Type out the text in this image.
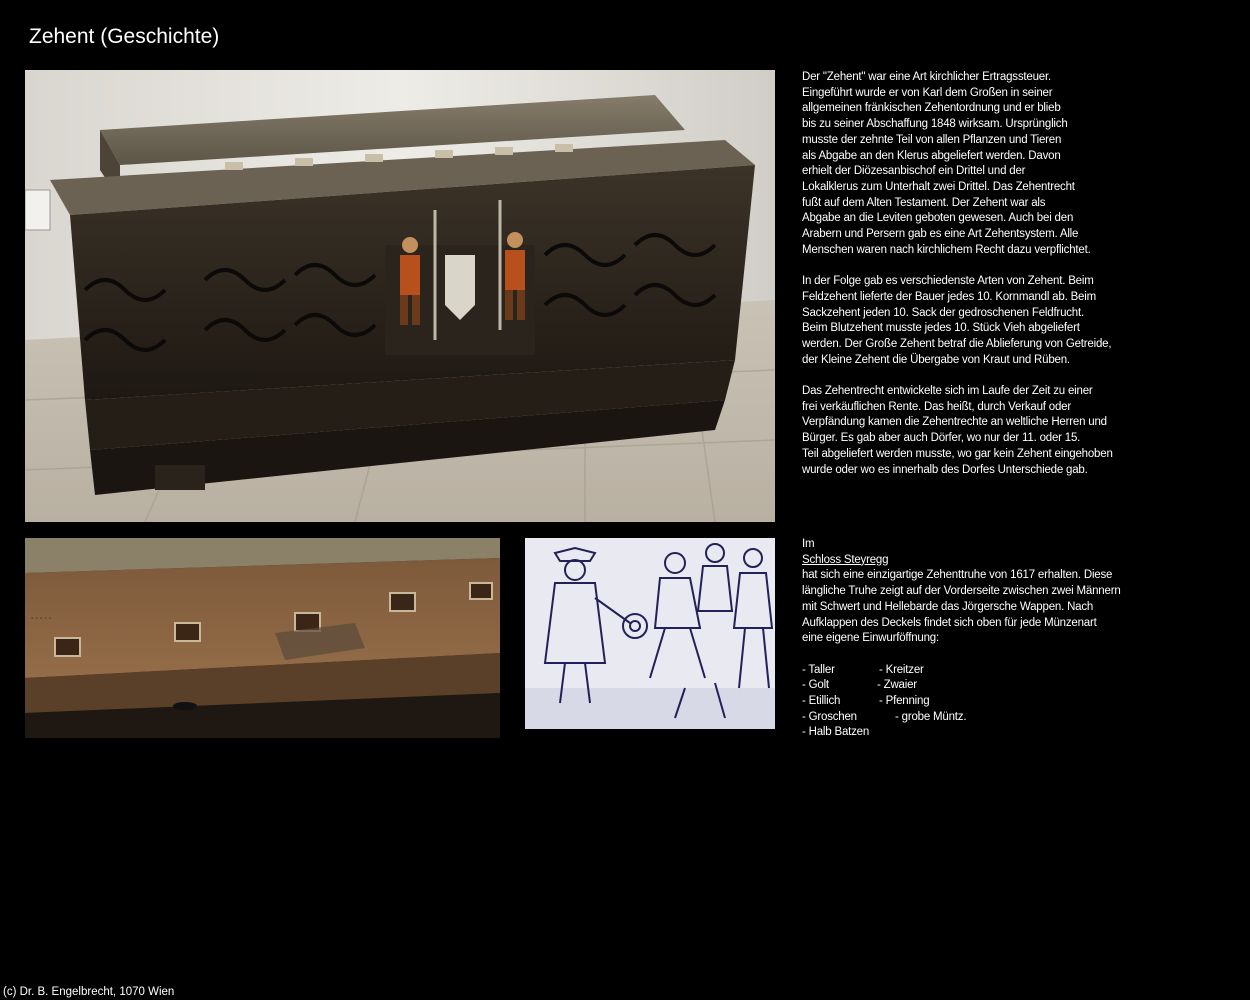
Zehent (Geschichte)
·····
Der "Zehent" war eine Art kirchlicher Ertragssteuer.
Eingeführt wurde er von Karl dem Großen in seiner
allgemeinen fränkischen Zehentordnung und er blieb
bis zu seiner Abschaffung 1848 wirksam. Ursprünglich
musste der zehnte Teil von allen Pflanzen und Tieren
als Abgabe an den Klerus abgeliefert werden. Davon
erhielt der Diözesanbischof ein Drittel und der
Lokalklerus zum Unterhalt zwei Drittel. Das Zehentrecht
fußt auf dem Alten Testament. Der Zehent war als
Abgabe an die Leviten geboten gewesen. Auch bei den
Arabern und Persern gab es eine Art Zehentsystem. Alle
Menschen waren nach kirchlichem Recht dazu verpflichtet.
In der Folge gab es verschiedenste Arten von Zehent. Beim
Feldzehent lieferte der Bauer jedes 10. Kornmandl ab. Beim
Sackzehent jeden 10. Sack der gedroschenen Feldfrucht.
Beim Blutzehent musste jedes 10. Stück Vieh abgeliefert
werden. Der Große Zehent betraf die Ablieferung von Getreide,
der Kleine Zehent die Übergabe von Kraut und Rüben.
Das Zehentrecht entwickelte sich im Laufe der Zeit zu einer
frei verkäuflichen Rente. Das heißt, durch Verkauf oder
Verpfändung kamen die Zehentrechte an weltliche Herren und
Bürger. Es gab aber auch Dörfer, wo nur der 11. oder 15.
Teil abgeliefert werden musste, wo gar kein Zehent eingehoben
wurde oder wo es innerhalb des Dorfes Unterschiede gab.
Im
Schloss Steyregg
hat sich eine einzigartige Zehenttruhe von 1617 erhalten. Diese
längliche Truhe zeigt auf der Vorderseite zwischen zwei Männern
mit Schwert und Hellebarde das Jörgersche Wappen. Nach
Aufklappen des Deckels findet sich oben für jede Münzenart
eine eigene Einwurföffnung:
- Taller	- Kreitzer
- Golt	- Zwaier
- Etillich	- Pfenning
- Groschen	- grobe Müntz.
- Halb Batzen
(c) Dr. B. Engelbrecht, 1070 Wien
